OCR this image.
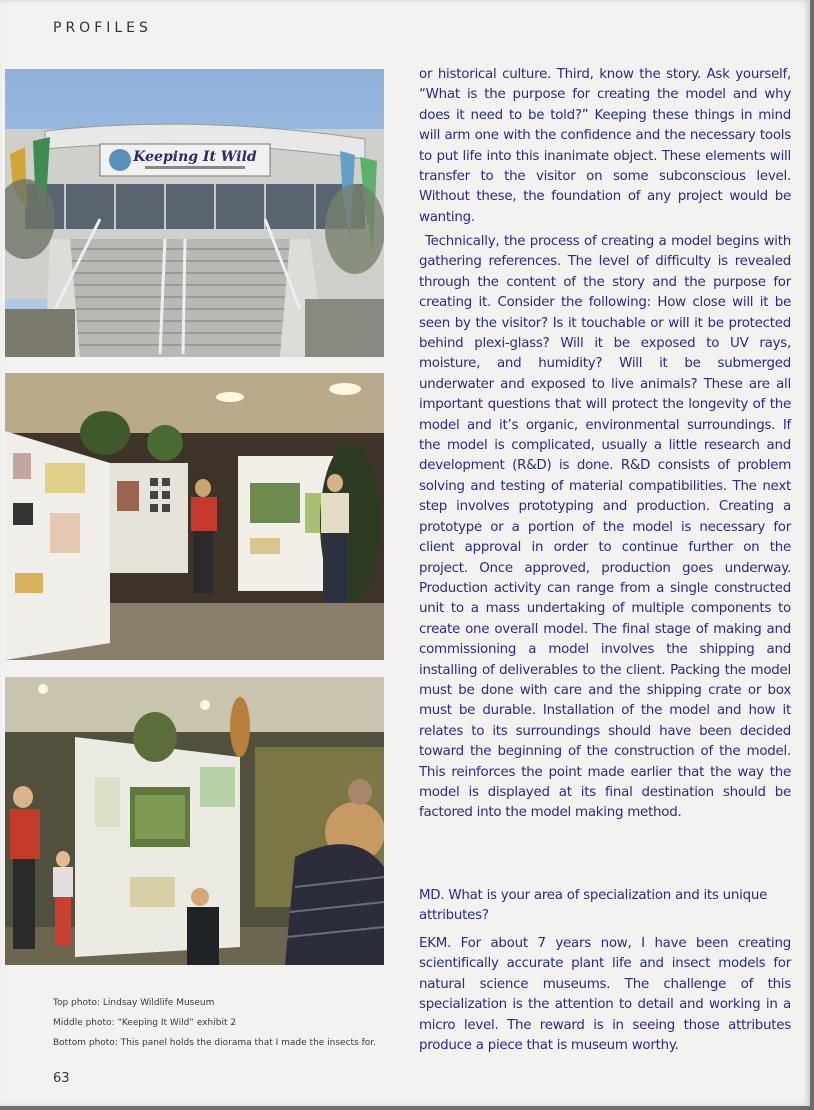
PROFILES
Keeping It Wild
Top photo: Lindsay Wildlife Museum
Middle photo: “Keeping It Wild” exhibit 2
Bottom photo: This panel holds the diorama that I made the insects for.
63

or historical culture. Third, know the story. Ask yourself, “What is the purpose for creating the model and why does it need to be told?” Keeping these things in mind will arm one with the confidence and the necessary tools to put life into this inanimate object. These elements will transfer to the visitor on some subconscious level. Without these, the foundation of any project would be wanting.

Technically, the process of creating a model begins with gathering references. The level of difficulty is revealed through the content of the story and the purpose for creating it. Consider the following: How close will it be seen by the visitor? Is it touchable or will it be protected behind plexi-glass? Will it be exposed to UV rays, moisture, and humidity? Will it be submerged underwater and exposed to live animals? These are all important questions that will protect the longevity of the model and it’s organic, environmental surroundings. If the model is complicated, usually a little research and development (R&D) is done. R&D consists of problem solving and testing of material compatibilities. The next step involves prototyping and production. Creating a prototype or a portion of the model is necessary for client approval in order to continue further on the project. Once approved, production goes underway. Production activity can range from a single constructed unit to a mass undertaking of multiple components to create one overall model. The final stage of making and commissioning a model involves the shipping and installing of deliverables to the client. Packing the model must be done with care and the shipping crate or box must be durable. Installation of the model and how it relates to its surroundings should have been decided toward the beginning of the construction of the model. This reinforces the point made earlier that the way the model is displayed at its final destination should be factored into the model making method.

MD. What is your area of specialization and its unique attributes?

EKM. For about 7 years now, I have been creating scientifically accurate plant life and insect models for natural science museums. The challenge of this specialization is the attention to detail and working in a micro level. The reward is in seeing those attributes produce a piece that is museum worthy.
